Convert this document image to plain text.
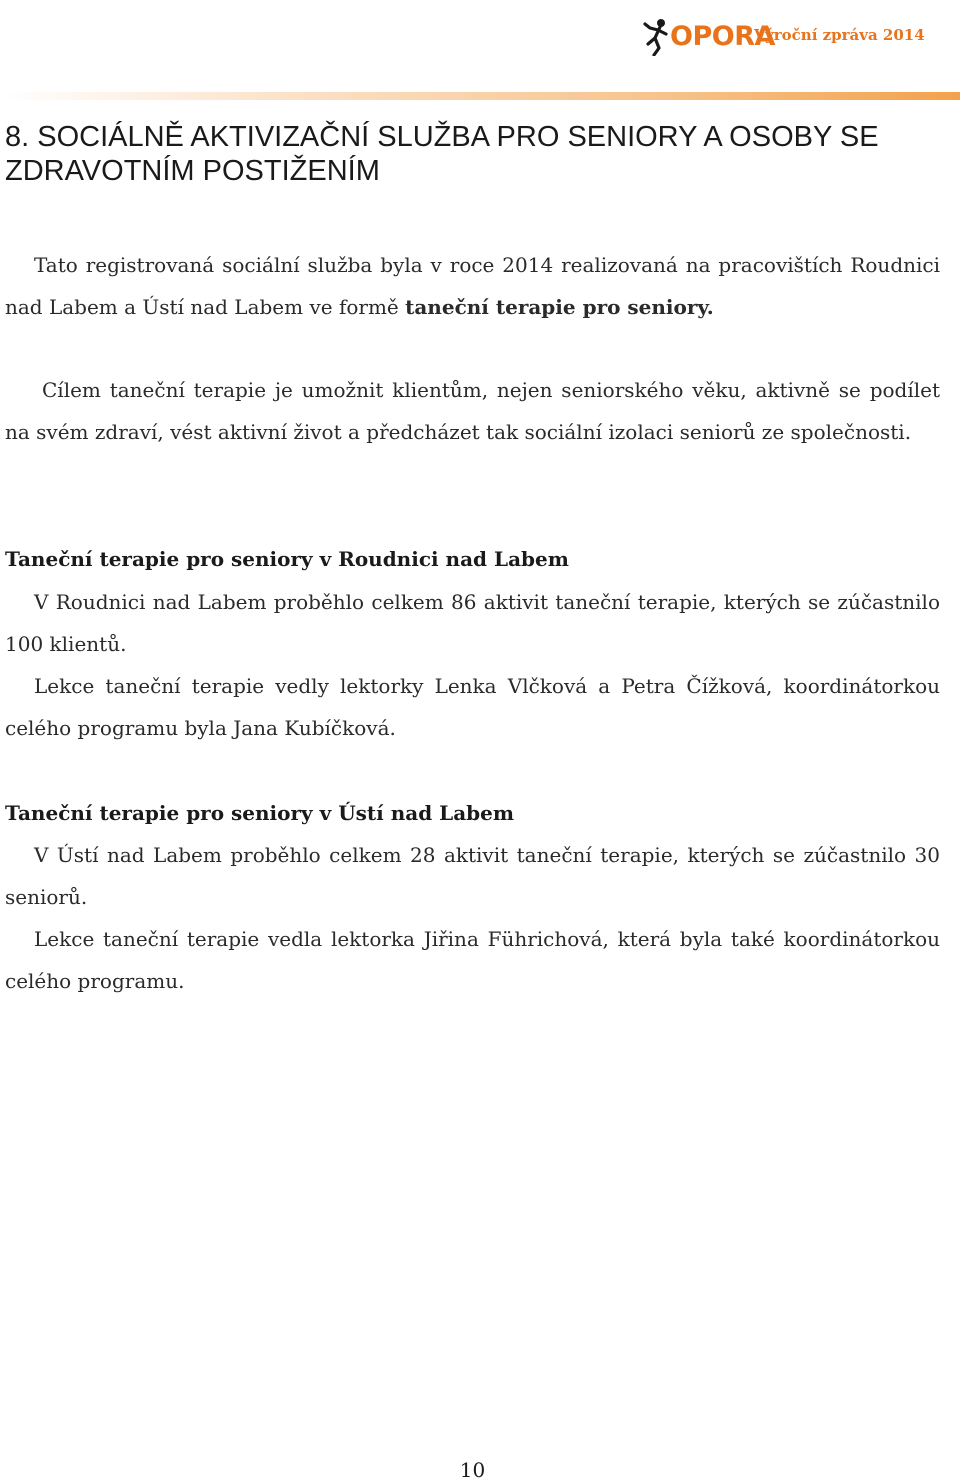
OPORA
Výroční zpráva 2014
8. SOCIÁLNĚ AKTIVIZAČNÍ SLUŽBA PRO SENIORY A OSOBY SE ZDRAVOTNÍM POSTIŽENÍM

Tato registrovaná sociální služba byla v roce 2014 realizovaná na pracovištích Roudnici nad Labem a Ústí nad Labem ve formě taneční terapie pro seniory.

Cílem taneční terapie je umožnit klientům, nejen seniorského věku, aktivně se podílet na svém zdraví, vést aktivní život a předcházet tak sociální izolaci seniorů ze společnosti.

Taneční terapie pro seniory v Roudnici nad Labem

V Roudnici nad Labem proběhlo celkem 86 aktivit taneční terapie, kterých se zúčastnilo 100 klientů.

Lekce taneční terapie vedly lektorky Lenka Vlčková a Petra Čížková, koordinátorkou celého programu byla Jana Kubíčková.

Taneční terapie pro seniory v Ústí nad Labem

V Ústí nad Labem proběhlo celkem 28 aktivit taneční terapie, kterých se zúčastnilo 30 seniorů.

Lekce taneční terapie vedla lektorka Jiřina Führichová, která byla také koordinátorkou celého programu.

10
